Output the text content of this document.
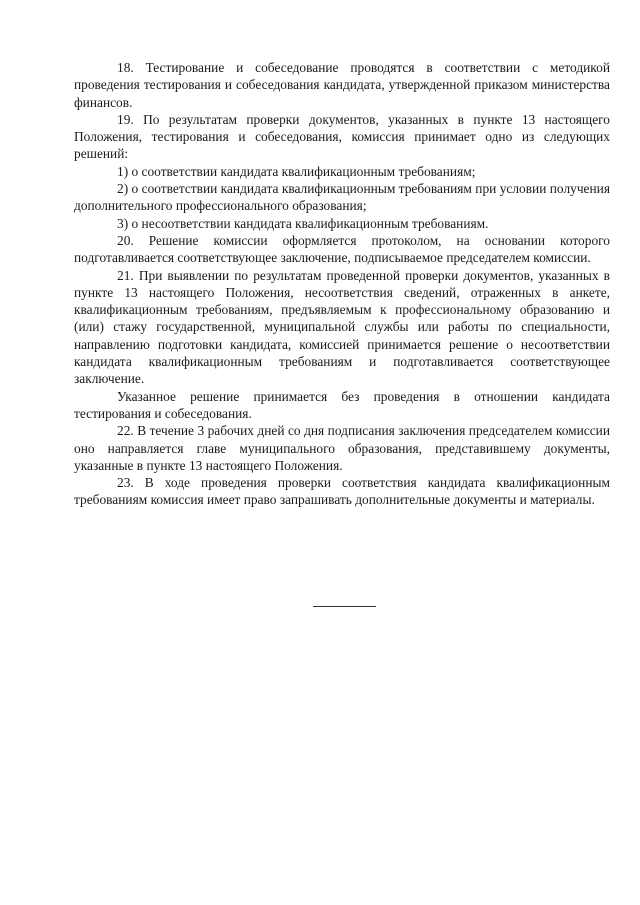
18. Тестирование и собеседование проводятся в соответствии с методикой проведения тестирования и собеседования кандидата, утвержденной приказом министерства финансов.

19. По результатам проверки документов, указанных в пункте 13 настоящего Положения, тестирования и собеседования, комиссия принимает одно из следующих решений:

1) о соответствии кандидата квалификационным требованиям;

2) о соответствии кандидата квалификационным требованиям при условии получения дополнительного профессионального образования;

3) о несоответствии кандидата квалификационным требованиям.

20. Решение комиссии оформляется протоколом, на основании которого подготавливается соответствующее заключение, подписываемое председателем комиссии.

21. При выявлении по результатам проведенной проверки документов, указанных в пункте 13 настоящего Положения, несоответствия сведений, отраженных в анкете, квалификационным требованиям, предъявляемым к профессиональному образованию и (или) стажу государственной, муниципальной службы или работы по специальности, направлению подготовки кандидата, комиссией принимается решение о несоответствии кандидата квалификационным требованиям и подготавливается соответствующее заключение.

Указанное решение принимается без проведения в отношении кандидата тестирования и собеседования.

22. В течение 3 рабочих дней со дня подписания заключения председателем комиссии оно направляется главе муниципального образования, представившему документы, указанные в пункте 13 настоящего Положения.

23. В ходе проведения проверки соответствия кандидата квалификационным требованиям комиссия имеет право запрашивать дополнительные документы и материалы.
